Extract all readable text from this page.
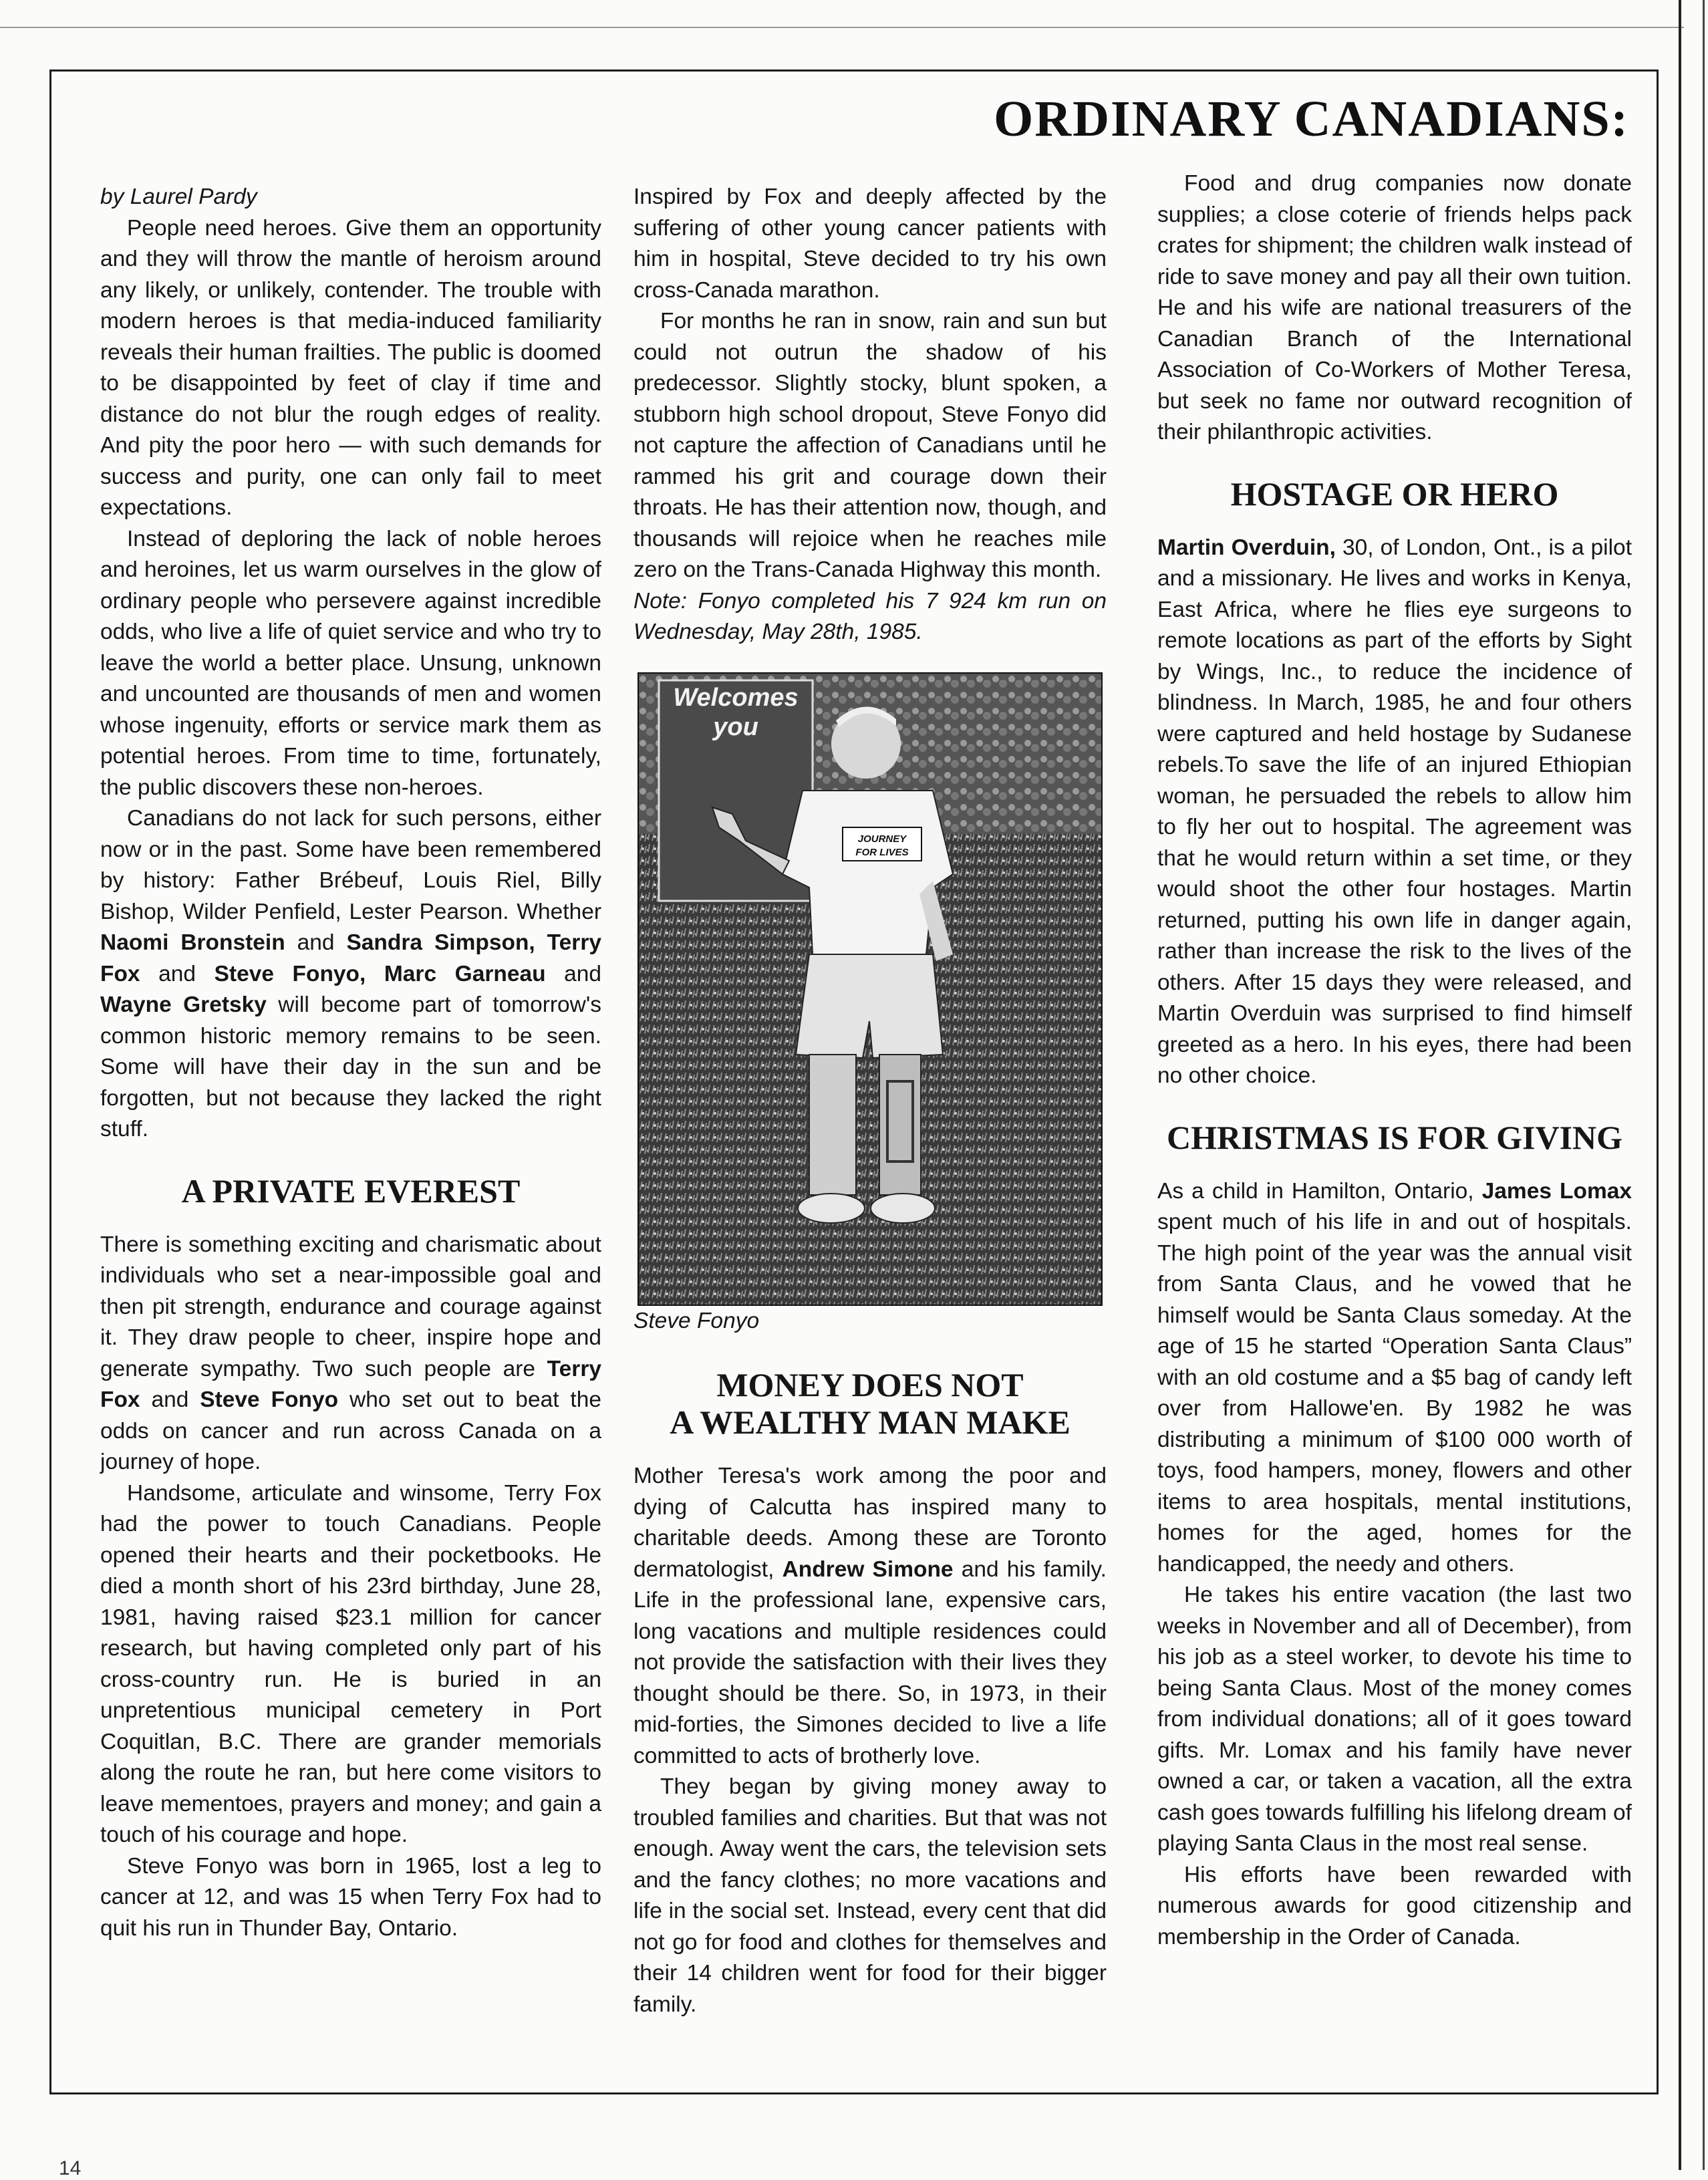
ORDINARY CANADIANS:

by Laurel Pardy

People need heroes. Give them an opportunity and they will throw the mantle of heroism around any likely, or unlikely, contender. The trouble with modern heroes is that media-induced familiarity reveals their human frailties. The public is doomed to be disappointed by feet of clay if time and distance do not blur the rough edges of reality. And pity the poor hero — with such demands for success and purity, one can only fail to meet expectations.

Instead of deploring the lack of noble heroes and heroines, let us warm ourselves in the glow of ordinary people who persevere against incredible odds, who live a life of quiet service and who try to leave the world a better place. Unsung, unknown and uncounted are thousands of men and women whose ingenuity, efforts or service mark them as potential heroes. From time to time, fortunately, the public discovers these non-heroes.

Canadians do not lack for such persons, either now or in the past. Some have been remembered by history: Father Brébeuf, Louis Riel, Billy Bishop, Wilder Penfield, Lester Pearson. Whether Naomi Bronstein and Sandra Simpson, Terry Fox and Steve Fonyo, Marc Garneau and Wayne Gretsky will become part of tomorrow's common historic memory remains to be seen. Some will have their day in the sun and be forgotten, but not because they lacked the right stuff.

A PRIVATE EVEREST

There is something exciting and charismatic about individuals who set a near-impossible goal and then pit strength, endurance and courage against it. They draw people to cheer, inspire hope and generate sympathy. Two such people are Terry Fox and Steve Fonyo who set out to beat the odds on cancer and run across Canada on a journey of hope.

Handsome, articulate and winsome, Terry Fox had the power to touch Canadians. People opened their hearts and their pocketbooks. He died a month short of his 23rd birthday, June 28, 1981, having raised $23.1 million for cancer research, but having completed only part of his cross-country run. He is buried in an unpretentious municipal cemetery in Port Coquitlan, B.C. There are grander memorials along the route he ran, but here come visitors to leave mementoes, prayers and money; and gain a touch of his courage and hope.

Steve Fonyo was born in 1965, lost a leg to cancer at 12, and was 15 when Terry Fox had to quit his run in Thunder Bay, Ontario.

Inspired by Fox and deeply affected by the suffering of other young cancer patients with him in hospital, Steve decided to try his own cross-Canada marathon.

For months he ran in snow, rain and sun but could not outrun the shadow of his predecessor. Slightly stocky, blunt spoken, a stubborn high school dropout, Steve Fonyo did not capture the affection of Canadians until he rammed his grit and courage down their throats. He has their attention now, though, and thousands will rejoice when he reaches mile zero on the Trans-Canada Highway this month.

Note: Fonyo completed his 7 924 km run on Wednesday, May 28th, 1985.

Welcomes
you
JOURNEY
FOR LIVES

Steve Fonyo

MONEY DOES NOT
A WEALTHY MAN MAKE

Mother Teresa's work among the poor and dying of Calcutta has inspired many to charitable deeds. Among these are Toronto dermatologist, Andrew Simone and his family. Life in the professional lane, expensive cars, long vacations and multiple residences could not provide the satisfaction with their lives they thought should be there. So, in 1973, in their mid-forties, the Simones decided to live a life committed to acts of brotherly love.

They began by giving money away to troubled families and charities. But that was not enough. Away went the cars, the television sets and the fancy clothes; no more vacations and life in the social set. Instead, every cent that did not go for food and clothes for themselves and their 14 children went for food for their bigger family.

Food and drug companies now donate supplies; a close coterie of friends helps pack crates for shipment; the children walk instead of ride to save money and pay all their own tuition. He and his wife are national treasurers of the Canadian Branch of the International Association of Co-Workers of Mother Teresa, but seek no fame nor outward recognition of their philanthropic activities.

HOSTAGE OR HERO

Martin Overduin, 30, of London, Ont., is a pilot and a missionary. He lives and works in Kenya, East Africa, where he flies eye surgeons to remote locations as part of the efforts by Sight by Wings, Inc., to reduce the incidence of blindness. In March, 1985, he and four others were captured and held hostage by Sudanese rebels.To save the life of an injured Ethiopian woman, he persuaded the rebels to allow him to fly her out to hospital. The agreement was that he would return within a set time, or they would shoot the other four hostages. Martin returned, putting his own life in danger again, rather than increase the risk to the lives of the others. After 15 days they were released, and Martin Overduin was surprised to find himself greeted as a hero. In his eyes, there had been no other choice.

CHRISTMAS IS FOR GIVING

As a child in Hamilton, Ontario, James Lomax spent much of his life in and out of hospitals. The high point of the year was the annual visit from Santa Claus, and he vowed that he himself would be Santa Claus someday. At the age of 15 he started “Operation Santa Claus” with an old costume and a $5 bag of candy left over from Hallowe'en. By 1982 he was distributing a minimum of $100 000 worth of toys, food hampers, money, flowers and other items to area hospitals, mental institutions, homes for the aged, homes for the handicapped, the needy and others.

He takes his entire vacation (the last two weeks in November and all of December), from his job as a steel worker, to devote his time to being Santa Claus. Most of the money comes from individual donations; all of it goes toward gifts. Mr. Lomax and his family have never owned a car, or taken a vacation, all the extra cash goes towards fulfilling his lifelong dream of playing Santa Claus in the most real sense.

His efforts have been rewarded with numerous awards for good citizenship and membership in the Order of Canada.

14
